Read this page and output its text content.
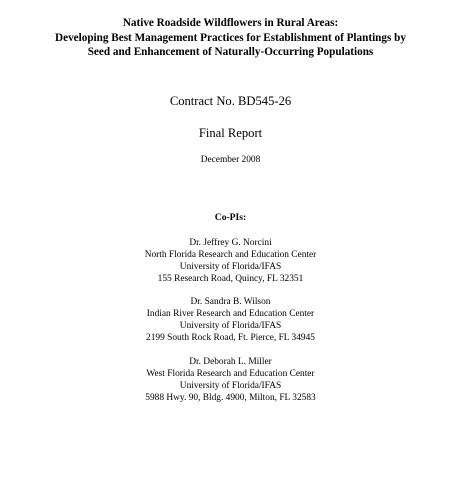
Native Roadside Wildflowers in Rural Areas:
Developing Best Management Practices for Establishment of Plantings by
Seed and Enhancement of Naturally-Occurring Populations
Contract No. BD545-26
Final Report
December 2008
Co-PIs:
Dr. Jeffrey G. Norcini
North Florida Research and Education Center
University of Florida/IFAS
155 Research Road, Quincy, FL 32351
Dr. Sandra B. Wilson
Indian River Research and Education Center
University of Florida/IFAS
2199 South Rock Road, Ft. Pierce, FL 34945
Dr. Deborah L. Miller
West Florida Research and Education Center
University of Florida/IFAS
5988 Hwy. 90, Bldg. 4900, Milton, FL 32583
